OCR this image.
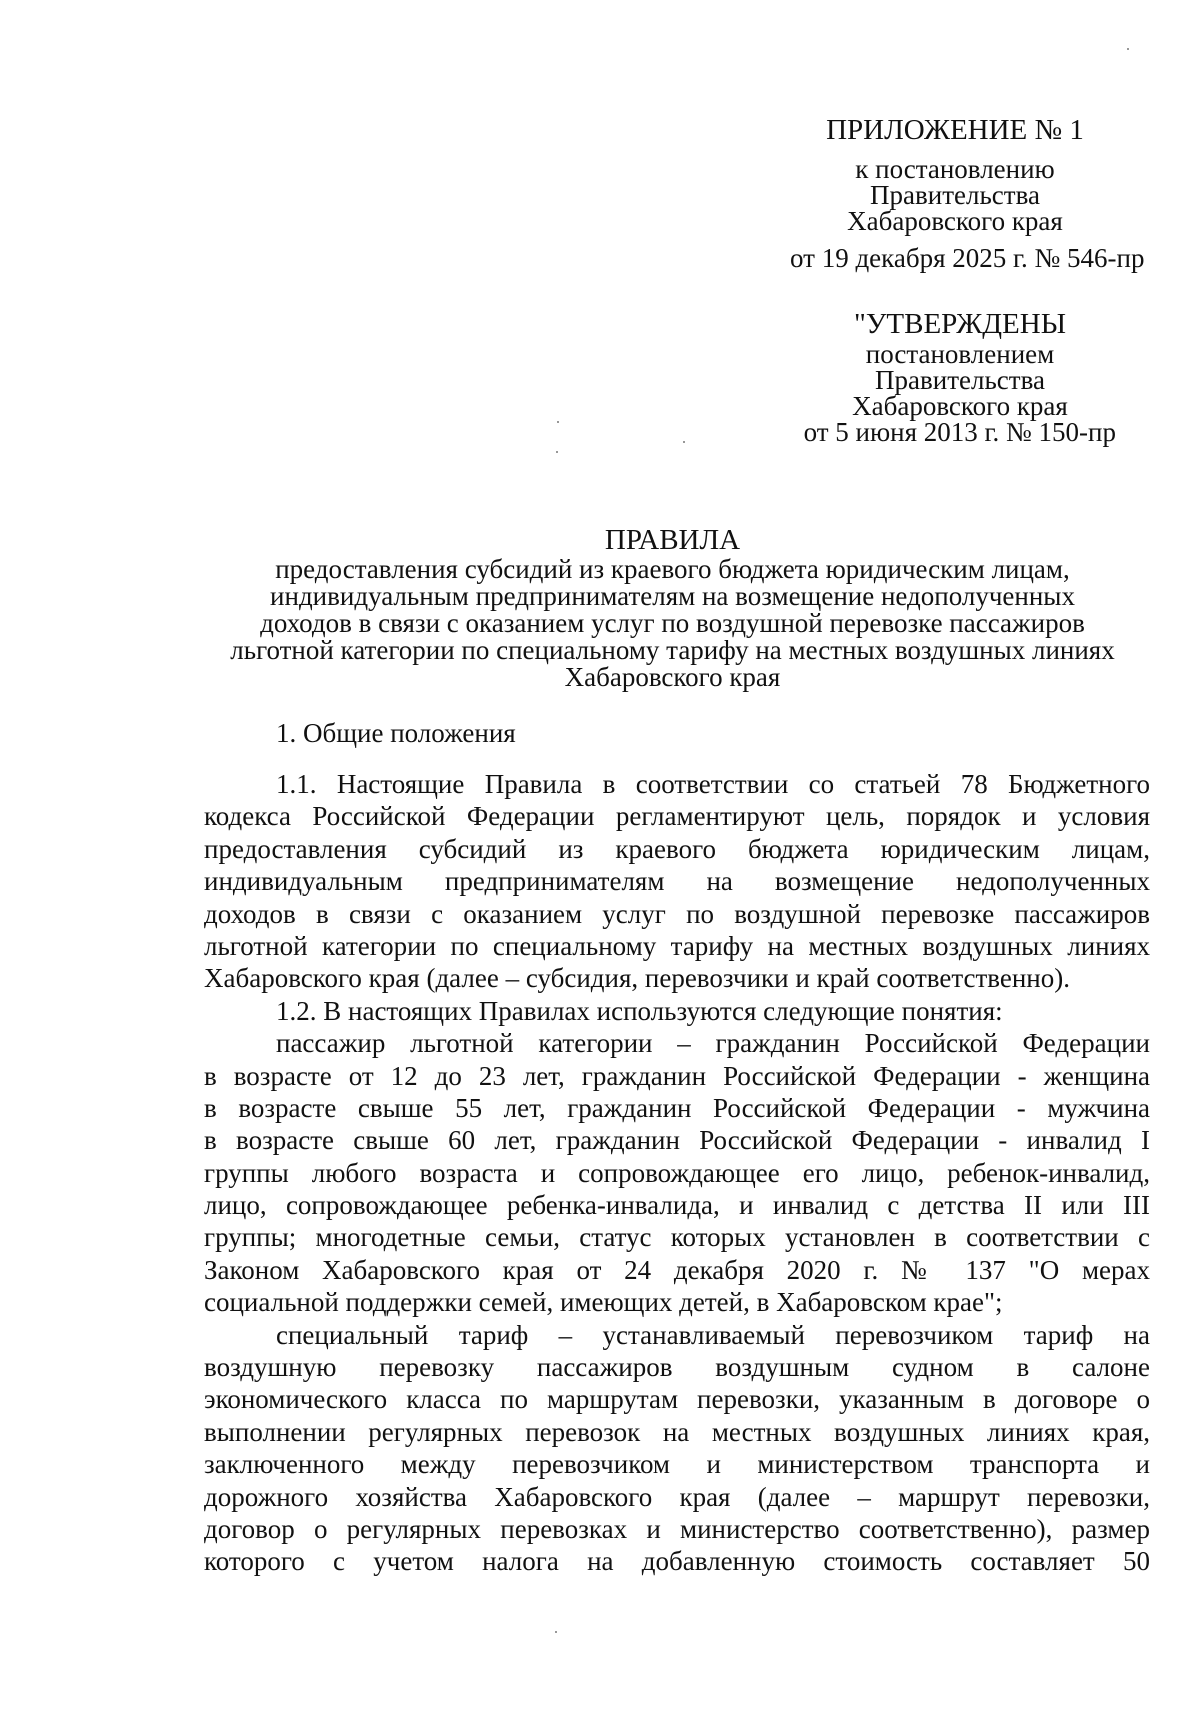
ПРИЛОЖЕНИЕ № 1
к постановлению
Правительства
Хабаровского края
от 19 декабря 2025 г. № 546-пр
"УТВЕРЖДЕНЫ
постановлением
Правительства
Хабаровского края
от 5 июня 2013 г. № 150-пр
ПРАВИЛА
предоставления субсидий из краевого бюджета юридическим лицам,
индивидуальным предпринимателям на возмещение недополученных
доходов в связи с оказанием услуг по воздушной перевозке пассажиров
льготной категории по специальному тарифу на местных воздушных линиях
Хабаровского края
1. Общие положения
1.1. Настоящие Правила в соответствии со статьей 78 Бюджетного
кодекса Российской Федерации регламентируют цель, порядок и условия
предоставления субсидий из краевого бюджета юридическим лицам,
индивидуальным предпринимателям на возмещение недополученных
доходов в связи с оказанием услуг по воздушной перевозке пассажиров
льготной категории по специальному тарифу на местных воздушных линиях
Хабаровского края (далее – субсидия, перевозчики и край соответственно).
1.2. В настоящих Правилах используются следующие понятия:
пассажир льготной категории – гражданин Российской Федерации
в возрасте от 12 до 23 лет, гражданин Российской Федерации - женщина
в возрасте свыше 55 лет, гражданин Российской Федерации - мужчина
в возрасте свыше 60 лет, гражданин Российской Федерации - инвалид I
группы любого возраста и сопровождающее его лицо, ребенок-инвалид,
лицо, сопровождающее ребенка-инвалида, и инвалид с детства II или III
группы; многодетные семьи, статус которых установлен в соответствии с
Законом Хабаровского края от 24 декабря 2020 г. № 137 "О мерах
социальной поддержки семей, имеющих детей, в Хабаровском крае";
специальный тариф – устанавливаемый перевозчиком тариф на
воздушную перевозку пассажиров воздушным судном в салоне
экономического класса по маршрутам перевозки, указанным в договоре о
выполнении регулярных перевозок на местных воздушных линиях края,
заключенного между перевозчиком и министерством транспорта и
дорожного хозяйства Хабаровского края (далее – маршрут перевозки,
договор о регулярных перевозках и министерство соответственно), размер
которого с учетом налога на добавленную стоимость составляет 50
